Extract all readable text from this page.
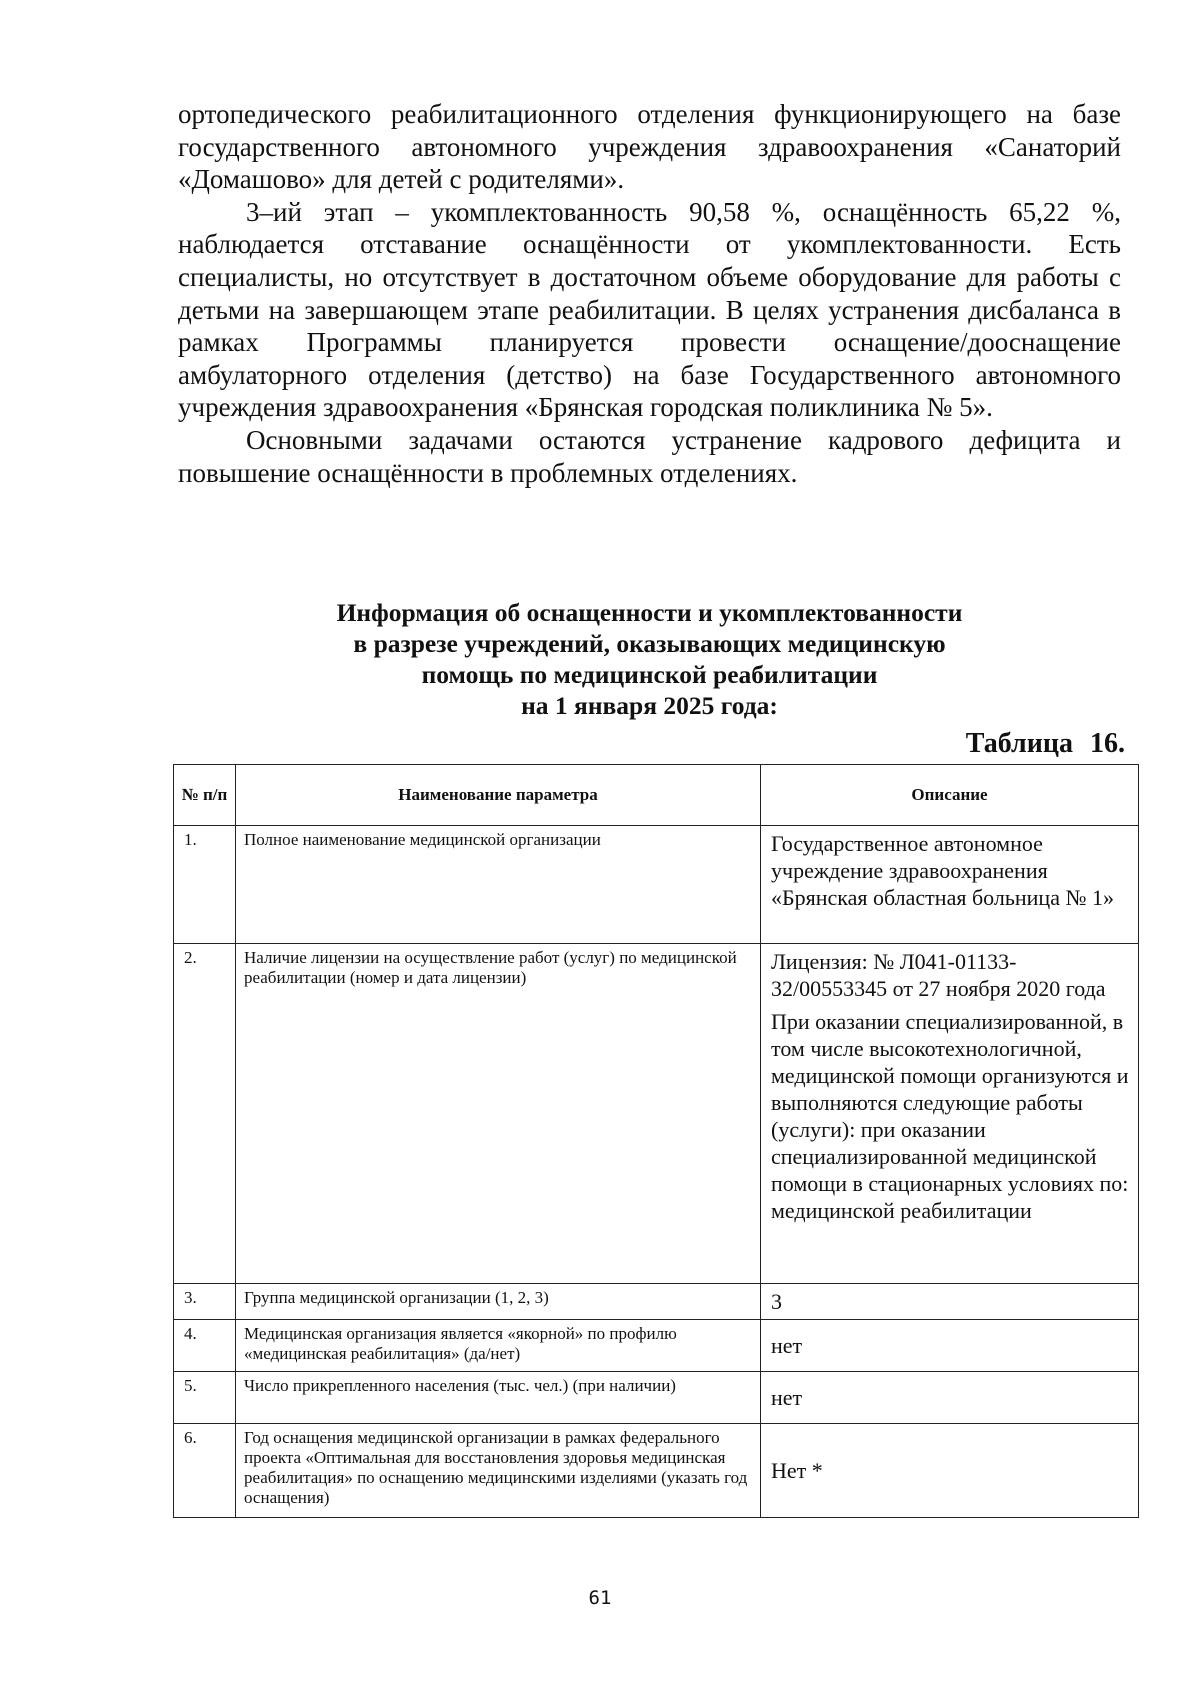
ортопедического реабилитационного отделения функционирующего на базе государственного автономного учреждения здравоохранения «Санаторий «Домашово» для детей с родителями».

3–ий этап – укомплектованность 90,58 %, оснащённость 65,22 %, наблюдается отставание оснащённости от укомплектованности. Есть специалисты, но отсутствует в достаточном объеме оборудование для работы с детьми на завершающем этапе реабилитации. В целях устранения дисбаланса в рамках Программы планируется провести оснащение/дооснащение амбулаторного отделения (детство) на базе Государственного автономного учреждения здравоохранения «Брянская городская поликлиника № 5».

Основными задачами остаются устранение кадрового дефицита и повышение оснащённости в проблемных отделениях.

Информация об оснащенности и укомплектованности
в разрезе учреждений, оказывающих медицинскую
помощь по медицинской реабилитации
на 1 января 2025 года:
Таблица 16.
№ п/п	Наименование параметра	Описание
1.	Полное наименование медицинской организации	Государственное автономное учреждение здравоохранения «Брянская областная больница № 1»
2.	Наличие лицензии на осуществление работ (услуг) по медицинской реабилитации (номер и дата лицензии)	Лицензия: № Л041-01133-32/00553345 от 27 ноября 2020 года
При оказании специализированной, в том числе высокотехнологичной, медицинской помощи организуются и выполняются следующие работы (услуги): при оказании специализированной медицинской помощи в стационарных условиях по: медицинской реабилитации

3.	Группа медицинской организации (1, 2, 3)	3
4.	Медицинская организация является «якорной» по профилю «медицинская реабилитация» (да/нет)	нет
5.	Число прикрепленного населения (тыс. чел.) (при наличии)	нет
6.	Год оснащения медицинской организации в рамках федерального проекта «Оптимальная для восстановления здоровья медицинская реабилитация» по оснащению медицинскими изделиями (указать год оснащения)	Нет *
61
